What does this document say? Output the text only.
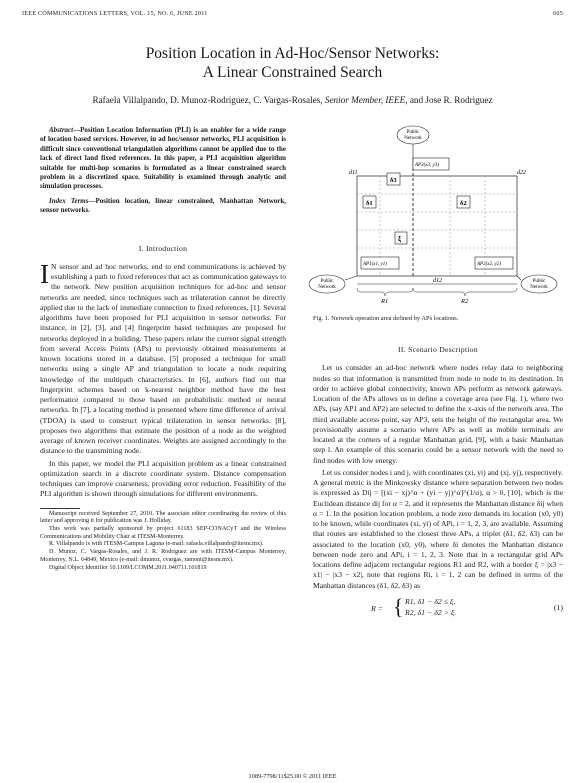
IEEE COMMUNICATIONS LETTERS, VOL. 15, NO. 6, JUNE 2011	605
Position Location in Ad-Hoc/Sensor Networks:
A Linear Constrained Search
Rafaela Villalpando, D. Munoz-Rodriguez, C. Vargas-Rosales, Senior Member, IEEE, and Jose R. Rodriguez

Abstract—Position Location Information (PLI) is an enabler for a wide range of location based services. However, in ad hoc/sensor networks, PLI acquisition is difficult since conventional triangulation algorithms cannot be applied due to the lack of direct land fixed references. In this paper, a PLI acquisition algorithm suitable for multi-hop scenarios is formulated as a linear constrained search problem in a discretized space. Suitability is examined through analytic and simulation processes.

Index Terms—Position location, linear constrained, Manhattan Network, sensor networks.

I. Introduction

I N sensor and ad hoc networks, end to end communications is achieved by establishing a path to fixed references that act as communication gateways to the network. New position acquisition techniques for ad-hoc and sensor networks are needed, since techniques such as trilateration cannot be directly applied due to the lack of immediate connection to fixed references, [1]. Several algorithms have been proposed for PLI acquisition in sensor networks. For instance, in [2], [3], and [4] fingerprint based techniques are proposed for networks deployed in a building. These papers relate the current signal strength from several Access Points (APs) to previously obtained measurements at known locations stored in a database. [5] proposed a technique for small networks using a single AP and triangulation to locate a node requiring knowledge of the multipath characteristics. In [6], authors find out that fingerprint schemes based on k-nearest neighbor method have the best performance compared to those based on probabilistic method or neural networks. In [7], a locating method is presented where time difference of arrival (TDOA) is used to construct typical trilateration in sensor networks. [8], proposes two algorithms that estimate the position of a node as the weighted average of known receiver coordinates. Weights are assigned accordingly to the distance to the transmitting node.

In this paper, we model the PLI acquisition problem as a linear constrained optimization search in a discrete coordinate system. Distance compensation techniques can improve coarseness, providing error reduction. Feasibility of the PLI algorithm is shown through simulations for different environments.

Manuscript received September 27, 2010. The associate editor coordinating the review of this letter and approving it for publication was J. Holliday.

This work was partially sponsored by project 61183 SEP-CONACyT and the Wireless Communications and Mobility Chair at ITESM-Monterrey.

R. Villalpando is with ITESM-Campus Laguna (e-mail: rafaela.villalpando@itesm.mx).

D. Munoz, C. Vargas-Rosales, and J. R. Rodriguez are with ITESM-Campus Monterrey, Monterrey, N.L. 64849, Mexico (e-mail: dmunoz, cvargas, ramont@itesm.mx).

Digital Object Identifier 10.1109/LCOMM.2011.040711.101819

Public
Network
d11	d22
AP3(x3, y3)
δ3
δ1	δ2
ξ
AP1(x1, y1)	AP2(x2, y2)
Public
Network
Public
Network
d12
R1	R2
Fig. 1. Network operation area defined by APs locations.
II. Scenario Description

Let us consider an ad-hoc network where nodes relay data to neighboring nodes so that information is transmitted from node to node to its destination. In order to achieve global connectivity, known APs perform as network gateways. Location of the APs allows us to define a coverage area (see Fig. 1), where two APs, (say AP1 and AP2) are selected to define the x-axis of the network area. The third available access point, say AP3, sets the height of the rectangular area. We provisionally assume a scenario where APs as well as mobile terminals are located at the corners of a regular Manhattan grid, [9], with a basic Manhattan step l. An example of this scenario could be a sensor network with the need to find nodes with low energy.

Let us consider nodes i and j, with coordinates (xi, yi) and (xj, yj), respectively. A general metric is the Minkowsky distance where separation between two nodes is expressed as Dij = [(xi − xj)^α + (yi − yj)^α]^(1/α), α > 0, [10], which is the Euclidean distance dij for α = 2, and it represents the Manhattan distance δij when α = 1. In the position location problem, a node zero demands its location (x0, y0) to be known, while coordinates (xi, yi) of APi, i = 1, 2, 3, are available. Assuming that routes are established to the closest three APs, a triplet (δ1, δ2, δ3) can be associated to the location (x0, y0), where δi denotes the Manhattan distance between node zero and APi, i = 1, 2, 3. Note that in a rectangular grid APs locations define adjacent rectangular regions R1 and R2, with a border ξ = |x3 − x1| − |x3 − x2|, note that regions Ri, i = 1, 2 can be defined in terms of the Manhattan distances (δ1, δ2, δ3) as

R = { R1, δ1 − δ2 ≤ ξ,
R2, δ1 − δ2 > ξ.
(1)
1089-7798/11$25.00 © 2011 IEEE
